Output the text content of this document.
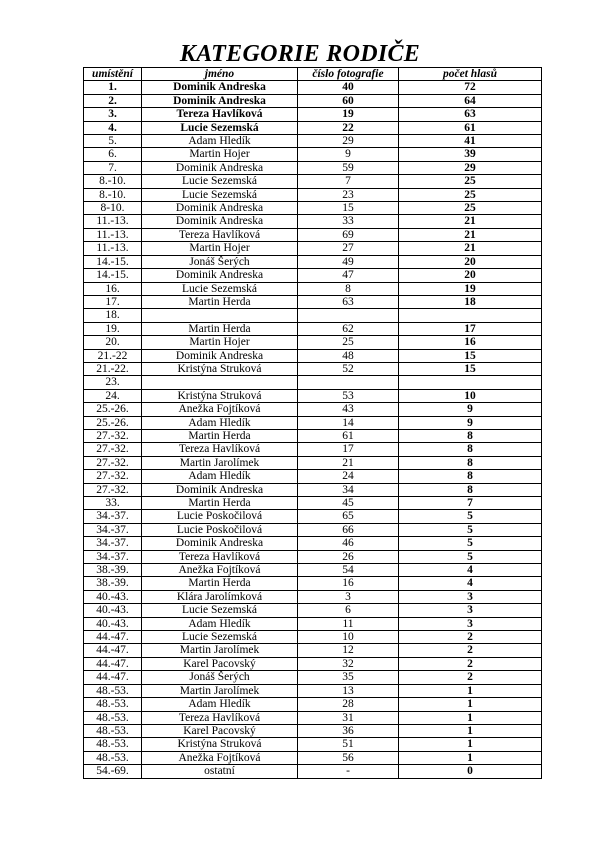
KATEGORIE RODIČE
umístění	jméno	číslo fotografie	počet hlasů
1.	Dominik Andreska	40	72
2.	Dominik Andreska	60	64
3.	Tereza Havlíková	19	63
4.	Lucie Sezemská	22	61
5.	Adam Hledík	29	41
6.	Martin Hojer	9	39
7.	Dominik Andreska	59	29
8.-10.	Lucie Sezemská	7	25
8.-10.	Lucie Sezemská	23	25
8-10.	Dominik Andreska	15	25
11.-13.	Dominik Andreska	33	21
11.-13.	Tereza Havlíková	69	21
11.-13.	Martin Hojer	27	21
14.-15.	Jonáš Šerých	49	20
14.-15.	Dominik Andreska	47	20
16.	Lucie Sezemská	8	19
17.	Martin Herda	63	18
18.			
19.	Martin Herda	62	17
20.	Martin Hojer	25	16
21.-22	Dominik Andreska	48	15
21.-22.	Kristýna Struková	52	15
23.			
24.	Kristýna Struková	53	10
25.-26.	Anežka Fojtíková	43	9
25.-26.	Adam Hledík	14	9
27.-32.	Martin Herda	61	8
27.-32.	Tereza Havlíková	17	8
27.-32.	Martin Jarolímek	21	8
27.-32.	Adam Hledík	24	8
27.-32.	Dominik Andreska	34	8
33.	Martin Herda	45	7
34.-37.	Lucie Poskočilová	65	5
34.-37.	Lucie Poskočilová	66	5
34.-37.	Dominik Andreska	46	5
34.-37.	Tereza Havlíková	26	5
38.-39.	Anežka Fojtíková	54	4
38.-39.	Martin Herda	16	4
40.-43.	Klára Jarolímková	3	3
40.-43.	Lucie Sezemská	6	3
40.-43.	Adam Hledík	11	3
44.-47.	Lucie Sezemská	10	2
44.-47.	Martin Jarolímek	12	2
44.-47.	Karel Pacovský	32	2
44.-47.	Jonáš Šerých	35	2
48.-53.	Martin Jarolímek	13	1
48.-53.	Adam Hledík	28	1
48.-53.	Tereza Havlíková	31	1
48.-53.	Karel Pacovský	36	1
48.-53.	Kristýna Struková	51	1
48.-53.	Anežka Fojtíková	56	1
54.-69.	ostatní	-	0
